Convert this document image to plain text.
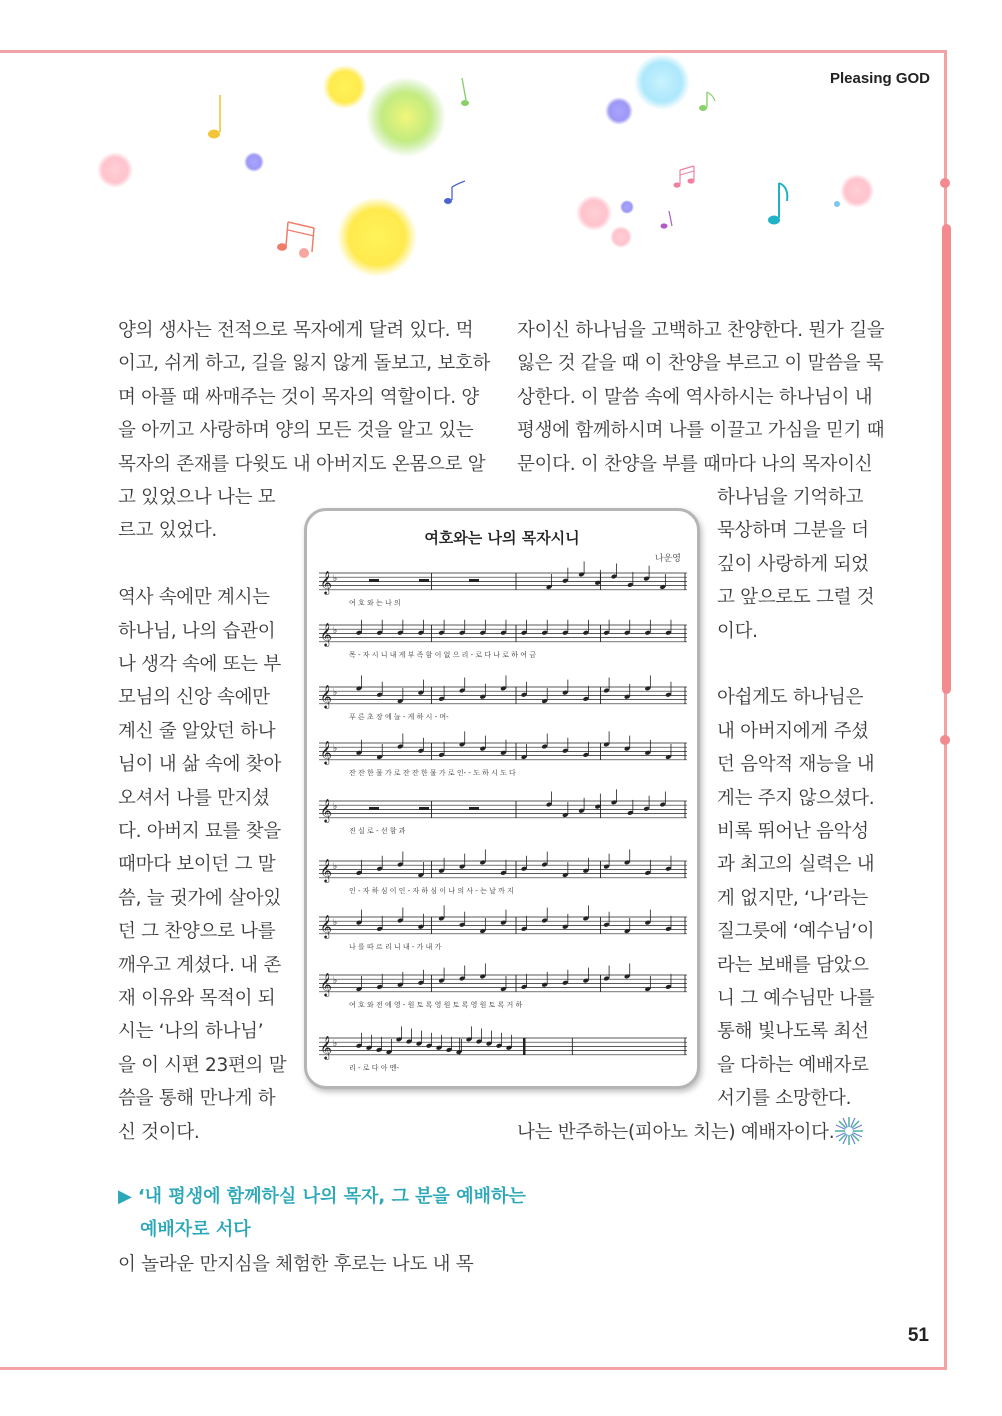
Pleasing GOD
51
양의 생사는 전적으로 목자에게 달려 있다. 먹
이고, 쉬게 하고, 길을 잃지 않게 돌보고, 보호하
며 아플 때 싸매주는 것이 목자의 역할이다. 양
을 아끼고 사랑하며 양의 모든 것을 알고 있는
목자의 존재를 다윗도 내 아버지도 온몸으로 알
고 있었으나 나는 모
르고 있었다.
역사 속에만 계시는
하나님, 나의 습관이
나 생각 속에 또는 부
모님의 신앙 속에만
계신 줄 알았던 하나
님이 내 삶 속에 찾아
오셔서 나를 만지셨
다. 아버지 묘를 찾을
때마다 보이던 그 말
씀, 늘 귓가에 살아있
던 그 찬양으로 나를
깨우고 계셨다. 내 존
재 이유와 목적이 되
시는 ‘나의 하나님’
을 이 시편 23편의 말
씀을 통해 만나게 하
신 것이다.
자이신 하나님을 고백하고 찬양한다. 뭔가 길을
잃은 것 같을 때 이 찬양을 부르고 이 말씀을 묵
상한다. 이 말씀 속에 역사하시는 하나님이 내
평생에 함께하시며 나를 이끌고 가심을 믿기 때
문이다. 이 찬양을 부를 때마다 나의 목자이신
하나님을 기억하고
묵상하며 그분을 더
깊이 사랑하게 되었
고 앞으로도 그럴 것
이다.
아쉽게도 하나님은
내 아버지에게 주셨
던 음악적 재능을 내
게는 주지 않으셨다.
비록 뛰어난 음악성
과 최고의 실력은 내
게 없지만, ‘나’라는
질그릇에 ‘예수님’이
라는 보배를 담았으
니 그 예수님만 나를
통해 빛나도록 최선
을 다하는 예배자로
서기를 소망한다.
나는 반주하는(피아노 치는) 예배자이다.
▶ ‘내 평생에 함께하실 나의 목자, 그 분을 예배하는
예배자로 서다
이 놀라운 만지심을 체험한 후로는 나도 내 목
여호와는 나의 목자시니
나운영
𝄞 ♭
여 호 와 는 나 의
𝄞 ♭
목 - 자 시 니 내 게 부 족 함 이 없 으 리 - 로 다 나 로 하 여 금
𝄞 ♭
푸 른 초 장 에 늘 - 게 하 시 - 며-
𝄞 ♭
잔 잔 한 물 가 로 잔 잔 한 물 가 로 인- - 도 하 시 도 다
𝄞 ♭
진 실 로 - 선 함 과
𝄞 ♭
인 - 자 하 심 이 인 - 자 하 심 이 나 의 사 - 는 날 까 지
𝄞 ♭
나 를 따 르 리 니 내 - 가 내 가
𝄞 ♭
여 호 와 전 에 영 - 원 토 록 영 원 토 록 영 원 토 록 거 하
𝄞 ♭
리 - 로 다 아 멘-
